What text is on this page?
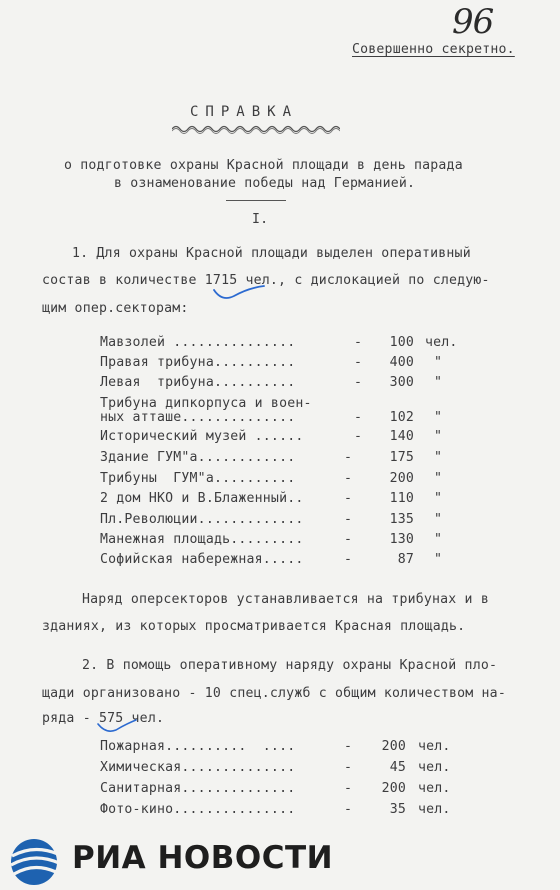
96
Совершенно секретно.
СПРАВКА
о подготовке охраны Красной площади в день парада
в ознаменование победы над Германией.
I.
1. Для охраны Красной площади выделен оперативный
состав в количестве 1715 чел., с дислокацией по следую-
щим опер.секторам:
Мавзолей ...............	-	100 чел.
Правая трибуна..........	-	400 "
Левая  трибуна..........	-	300 "
Трибуна дипкорпуса и воен-
ных атташе..............	-	102 "
Исторический музей ......	-	140 "
Здание ГУМ"а............	-	175 "
Трибуны  ГУМ"а..........	-	200 "
2 дом НКО и В.Блаженный..	-	110 "
Пл.Революции.............	-	135 "
Манежная площадь.........	-	130 "
Софийская набережная.....	-	87 "
Наряд оперсекторов устанавливается на трибунах и в
зданиях, из которых просматривается Красная площадь.
2. В помощь оперативному наряду охраны Красной пло-
щади организовано - 10 спец.служб с общим количеством на-
ряда - 575 чел.
Пожарная..........  ....	-	200 чел.
Химическая..............	-	45 чел.
Санитарная..............	-	200 чел.
Фото-кино...............	-	35 чел.
РИА НОВОСТИ
